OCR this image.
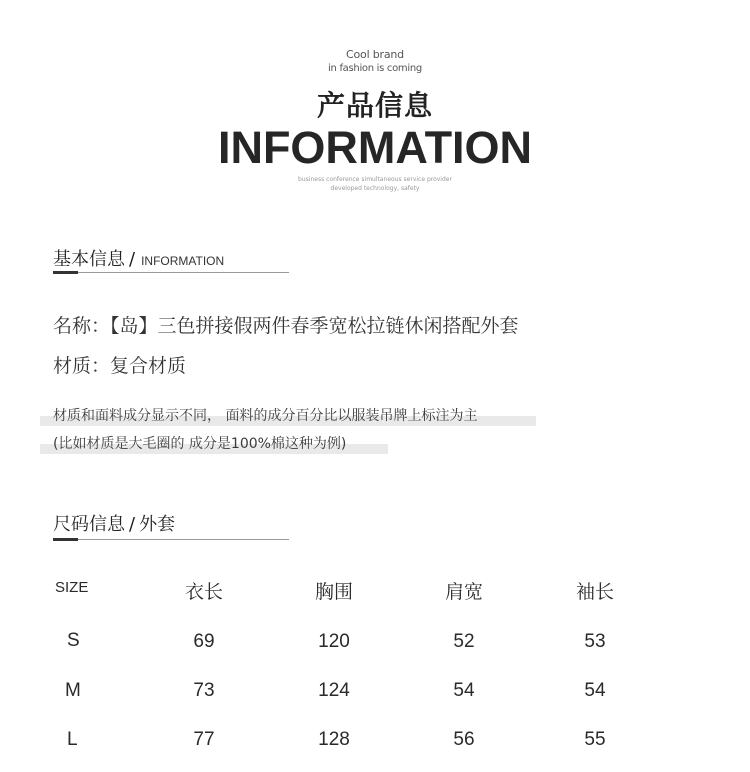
Cool brand
in fashion is coming
产品信息
INFORMATION
business conference simultaneous service provider
developed technology, safety
基本信息 / INFORMATION
名称：【岛】三色拼接假两件春季宽松拉链休闲搭配外套
材质：复合材质
材质和面料成分显示不同， 面料的成分百分比以服装吊牌上标注为主
(比如材质是大毛圈的 成分是100%棉这种为例)
尺码信息 / 外套
SIZE	衣长	胸围	肩宽	袖长
S	69	120	52	53
M	73	124	54	54
L	77	128	56	55
